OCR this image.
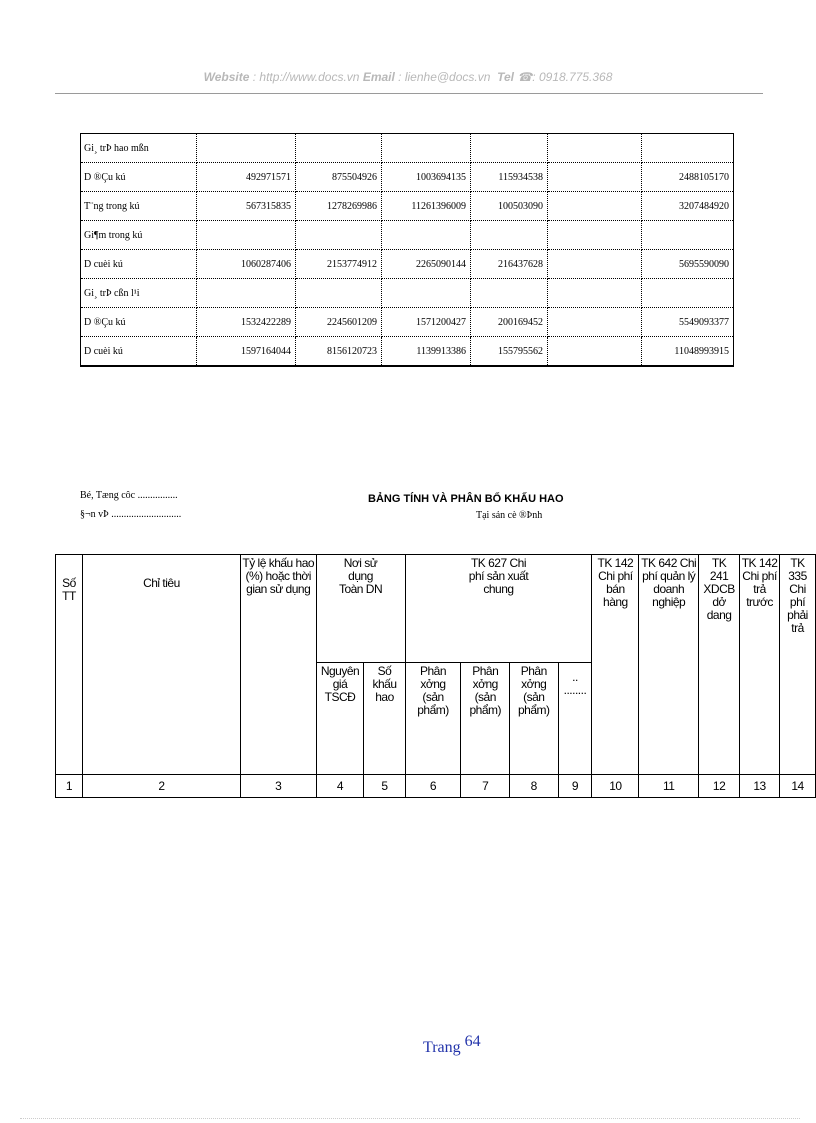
Website : http://www.docs.vn Email : lienhe@docs.vn Tel ☎: 0918.775.368
Gi¸ trÞ hao mßn						
D ®Çu kú	492971571	875504926	1003694135	115934538		2488105170
T¨ng trong kú	567315835	1278269986	11261396009	100503090		3207484920
Gi¶m trong kú						
D cuèi kú	1060287406	2153774912	2265090144	216437628		5695590090
Gi¸ trÞ cßn l¹i						
D ®Çu kú	1532422289	2245601209	1571200427	200169452		5549093377
D cuèi kú	1597164044	8156120723	1139913386	155795562		11048993915
Bé, Tæng côc ................
§¬n vÞ ............................
BẢNG TÍNH VÀ PHÂN BỔ KHẤU HAO
Tại sản cè ®Þnh
Số TT	Chỉ tiêu	Tỷ lệ khấu hao (%) hoặc thời gian sử dụng	Nơi sử dụng Toàn DN		TK 627 Chi phí sản xuất chung				TK 142 Chi phí bán hàng	TK 642 Chi phí quản lý doanh nghiệp	TK 241 XDCB dở dang	TK 142 Chi phí trả trước	TK 335 Chi phí phải trả
			Nguyên giá TSCĐ	Số khấu hao	Phân xởng (sản phẩm)	Phân xởng (sản phẩm)	Phân xởng (sản phẩm)	.. ........					
1	2	3	4	5	6	7	8	9	10	11	12	13	14
Trang 64
